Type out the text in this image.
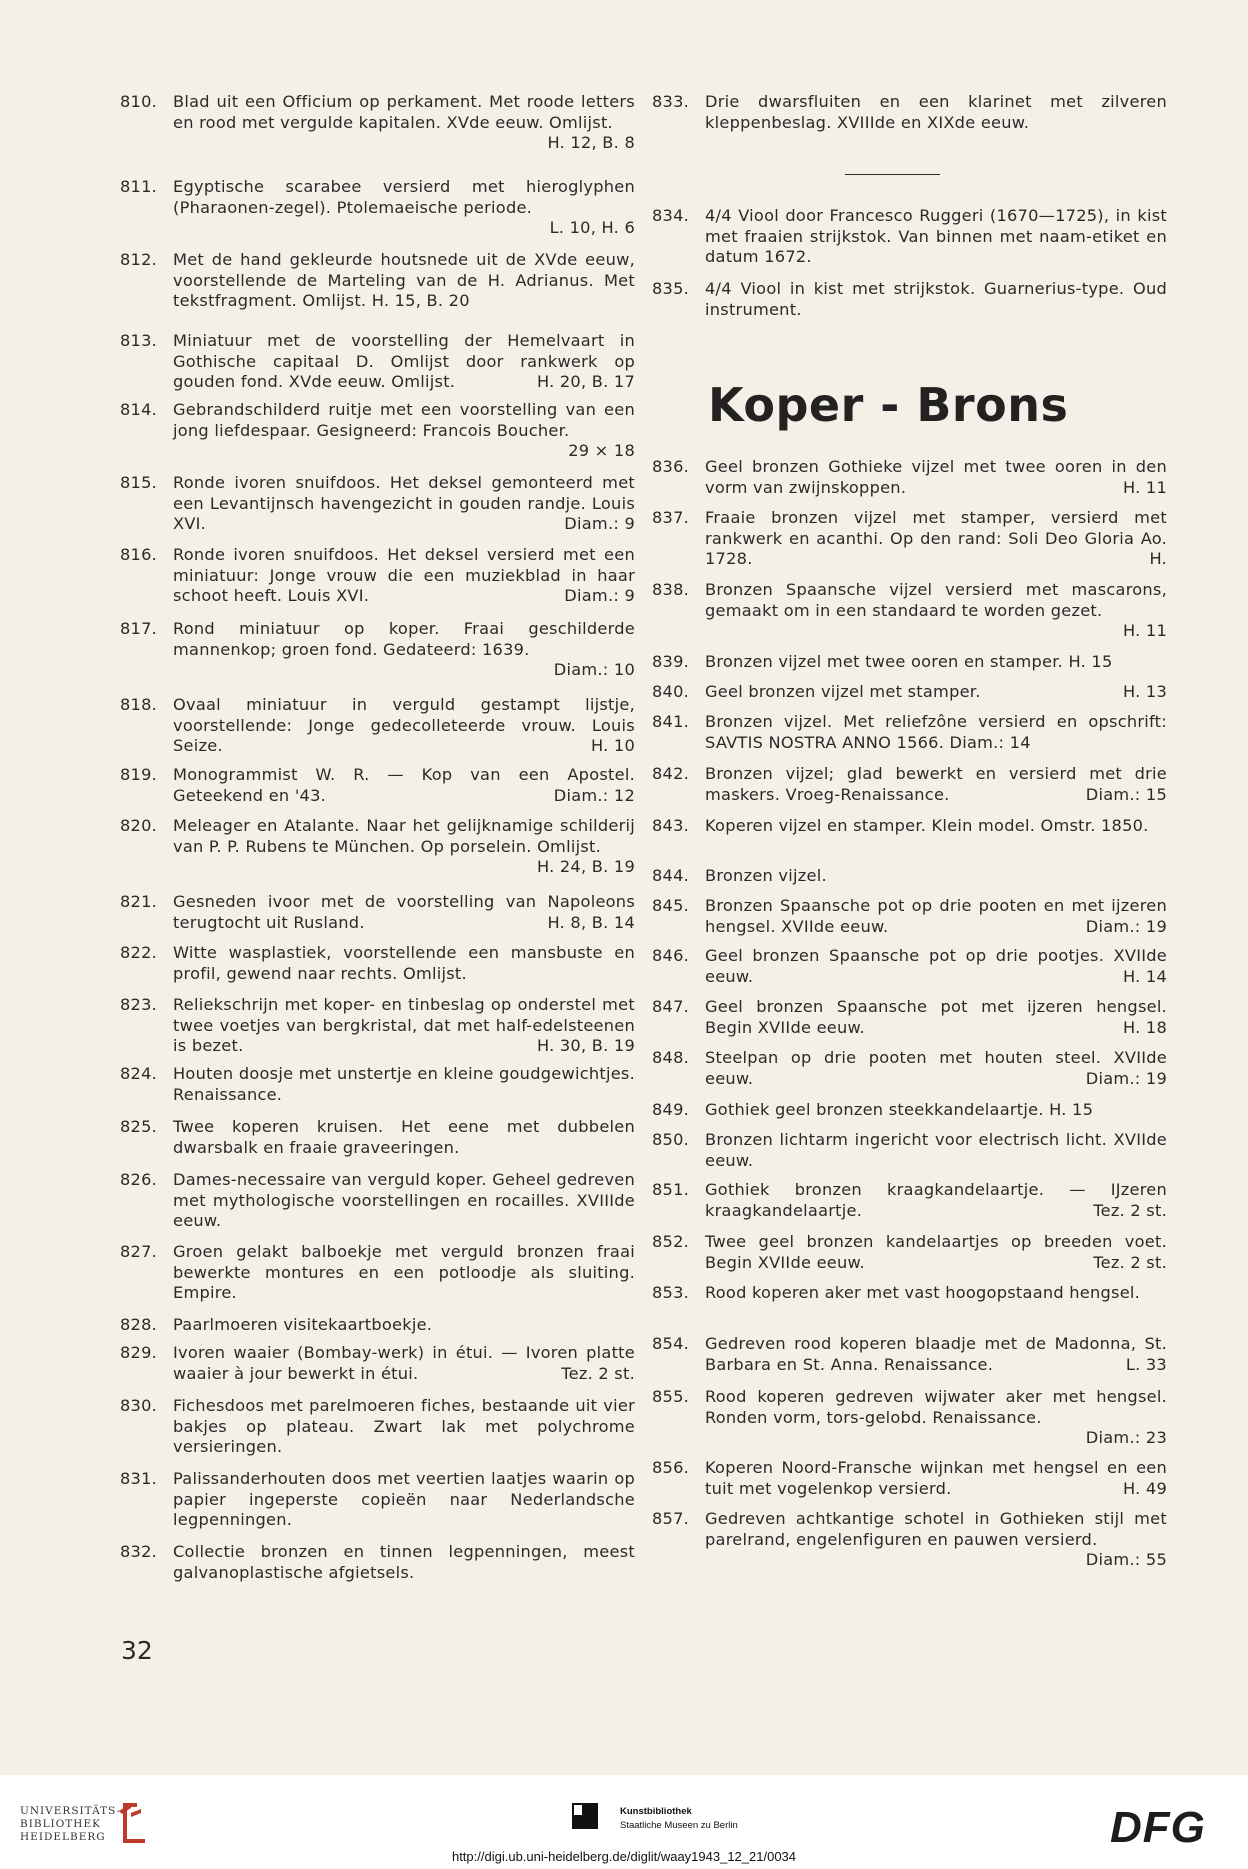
810. Blad uit een Officium op perkament. Met roode letters en rood met vergulde kapitalen. XVde eeuw. Omlijst.
H. 12, B. 8
811. Egyptische scarabee versierd met hieroglyphen (Pharaonen-zegel). Ptolemaeische periode.
L. 10, H. 6
812. Met de hand gekleurde houtsnede uit de XVde eeuw, voorstellende de Marteling van de H. Adrianus. Met tekstfragment. Omlijst. H. 15, B. 20
813. Miniatuur met de voorstelling der Hemelvaart in Gothische capitaal D. Omlijst door rankwerk op gouden fond. XVde eeuw. Omlijst.	H. 20, B. 17
814. Gebrandschilderd ruitje met een voorstelling van een jong liefdespaar. Gesigneerd: Francois Boucher.
29 × 18
815. Ronde ivoren snuifdoos. Het deksel gemonteerd met een Levantijnsch havengezicht in gouden randje. Louis XVI.	Diam.: 9
816. Ronde ivoren snuifdoos. Het deksel versierd met een miniatuur: Jonge vrouw die een muziekblad in haar schoot heeft. Louis XVI.	Diam.: 9
817. Rond miniatuur op koper. Fraai geschilderde mannenkop; groen fond. Gedateerd: 1639.
Diam.: 10
818. Ovaal miniatuur in verguld gestampt lijstje, voorstellende: Jonge gedecolleteerde vrouw. Louis Seize.	H. 10
819. Monogrammist W. R. — Kop van een Apostel. Geteekend en '43.	Diam.: 12
820. Meleager en Atalante. Naar het gelijknamige schilderij van P. P. Rubens te München. Op porselein. Omlijst.
H. 24, B. 19
821. Gesneden ivoor met de voorstelling van Napoleons terugtocht uit Rusland.	H. 8, B. 14
822. Witte wasplastiek, voorstellende een mansbuste en profil, gewend naar rechts. Omlijst.
823. Reliekschrijn met koper- en tinbeslag op onderstel met twee voetjes van bergkristal, dat met half-edelsteenen is bezet.	H. 30, B. 19
824. Houten doosje met unstertje en kleine goudgewichtjes. Renaissance.
825. Twee koperen kruisen. Het eene met dubbelen dwarsbalk en fraaie graveeringen.
826. Dames-necessaire van verguld koper. Geheel gedreven met mythologische voorstellingen en rocailles. XVIIIde eeuw.
827. Groen gelakt balboekje met verguld bronzen fraai bewerkte montures en een potloodje als sluiting. Empire.
828. Paarlmoeren visitekaartboekje.
829. Ivoren waaier (Bombay-werk) in étui. — Ivoren platte waaier à jour bewerkt in étui.	Tez. 2 st.
830. Fichesdoos met parelmoeren fiches, bestaande uit vier bakjes op plateau. Zwart lak met polychrome versieringen.
831. Palissanderhouten doos met veertien laatjes waarin op papier ingeperste copieën naar Nederlandsche legpenningen.
832. Collectie bronzen en tinnen legpenningen, meest galvanoplastische afgietsels.
Koper - Brons
833. Drie dwarsfluiten en een klarinet met zilveren kleppenbeslag. XVIIIde en XIXde eeuw.
834. 4/4 Viool door Francesco Ruggeri (1670—1725), in kist met fraaien strijkstok. Van binnen met naam-etiket en datum 1672.
835. 4/4 Viool in kist met strijkstok. Guarnerius-type. Oud instrument.
836. Geel bronzen Gothieke vijzel met twee ooren in den vorm van zwijnskoppen.	H. 11
837. Fraaie bronzen vijzel met stamper, versierd met rankwerk en acanthi. Op den rand: Soli Deo Gloria Ao. 1728.	H.
838. Bronzen Spaansche vijzel versierd met mascarons, gemaakt om in een standaard te worden gezet.
H. 11
839. Bronzen vijzel met twee ooren en stamper. H. 15
840. Geel bronzen vijzel met stamper.	H. 13
841. Bronzen vijzel. Met reliefzône versierd en opschrift: SAVTIS NOSTRA ANNO 1566. Diam.: 14
842. Bronzen vijzel; glad bewerkt en versierd met drie maskers. Vroeg-Renaissance.	Diam.: 15
843. Koperen vijzel en stamper. Klein model. Omstr. 1850.
844. Bronzen vijzel.
845. Bronzen Spaansche pot op drie pooten en met ijzeren hengsel. XVIIde eeuw.	Diam.: 19
846. Geel bronzen Spaansche pot op drie pootjes. XVIIde eeuw.	H. 14
847. Geel bronzen Spaansche pot met ijzeren hengsel. Begin XVIIde eeuw.	H. 18
848. Steelpan op drie pooten met houten steel. XVIIde eeuw.	Diam.: 19
849. Gothiek geel bronzen steekkandelaartje. H. 15
850. Bronzen lichtarm ingericht voor electrisch licht. XVIIde eeuw.
851. Gothiek bronzen kraagkandelaartje. — IJzeren kraagkandelaartje.	Tez. 2 st.
852. Twee geel bronzen kandelaartjes op breeden voet. Begin XVIIde eeuw.	Tez. 2 st.
853. Rood koperen aker met vast hoogopstaand hengsel.
854. Gedreven rood koperen blaadje met de Madonna, St. Barbara en St. Anna. Renaissance.	L. 33
855. Rood koperen gedreven wijwater aker met hengsel. Ronden vorm, tors-gelobd. Renaissance.
Diam.: 23
856. Koperen Noord-Fransche wijnkan met hengsel en een tuit met vogelenkop versierd.	H. 49
857. Gedreven achtkantige schotel in Gothieken stijl met parelrand, engelenfiguren en pauwen versierd.
Diam.: 55
32
UNIVERSITÄTS-
BIBLIOTHEK
HEIDELBERG
Kunstbibliothek
Staatliche Museen zu Berlin	DFG
http://digi.ub.uni-heidelberg.de/diglit/waay1943_12_21/0034
